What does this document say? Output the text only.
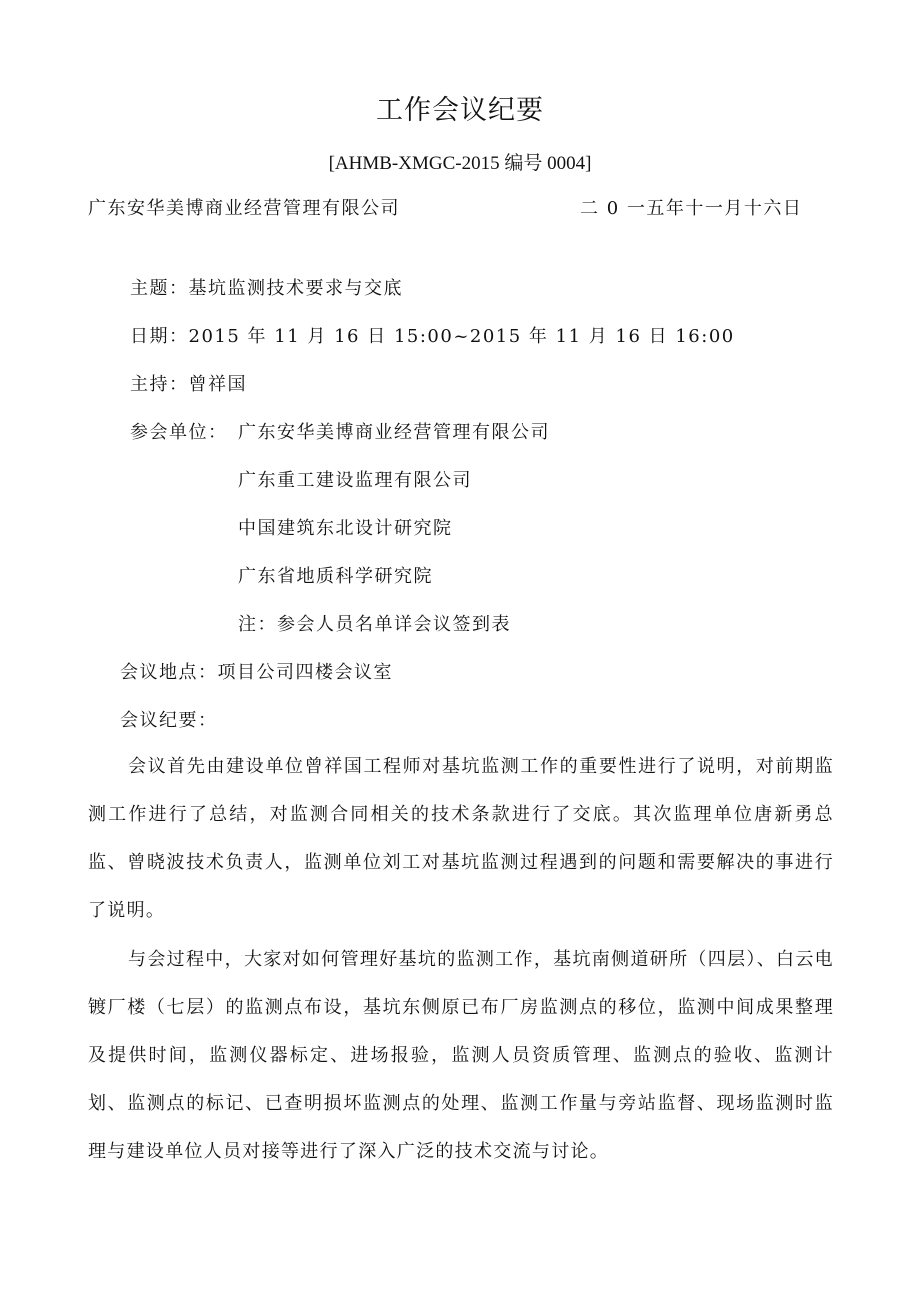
工作会议纪要
[AHMB-XMGC-2015 编号 0004]
广东安华美博商业经营管理有限公司	二 0 一五年十一月十六日
主题：基坑监测技术要求与交底
日期：2015 年 11 月 16 日 15:00~2015 年 11 月 16 日 16:00
主持：曾祥国
参会单位： 广东安华美博商业经营管理有限公司
广东重工建设监理有限公司
中国建筑东北设计研究院
广东省地质科学研究院
注：参会人员名单详会议签到表
会议地点：项目公司四楼会议室
会议纪要：

会议首先由建设单位曾祥国工程师对基坑监测工作的重要性进行了说明，对前期监测工作进行了总结，对监测合同相关的技术条款进行了交底。其次监理单位唐新勇总监、曾晓波技术负责人，监测单位刘工对基坑监测过程遇到的问题和需要解决的事进行了说明。

与会过程中，大家对如何管理好基坑的监测工作，基坑南侧道研所（四层）、白云电镀厂楼（七层）的监测点布设，基坑东侧原已布厂房监测点的移位，监测中间成果整理及提供时间，监测仪器标定、进场报验，监测人员资质管理、监测点的验收、监测计划、监测点的标记、已查明损坏监测点的处理、监测工作量与旁站监督、现场监测时监理与建设单位人员对接等进行了深入广泛的技术交流与讨论。
